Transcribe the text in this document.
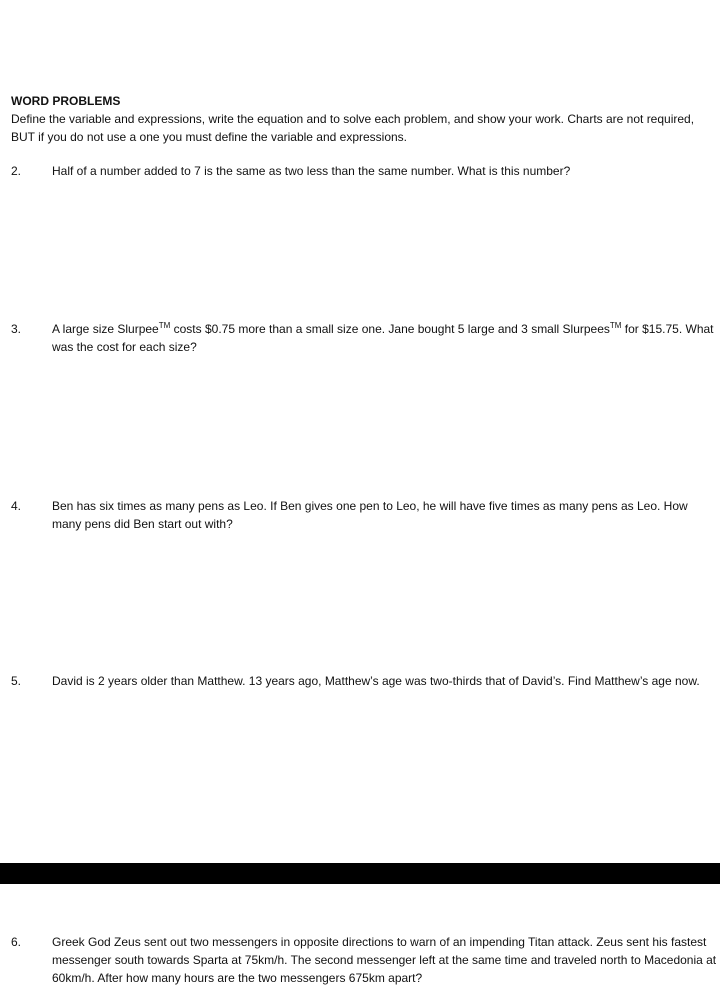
WORD PROBLEMS
Define the variable and expressions, write the equation and to solve each problem, and show your work. Charts are not required, BUT if you do not use a one you must define the variable and expressions.
2.	Half of a number added to 7 is the same as two less than the same number. What is this number?
3.	A large size Slurpee™ costs $0.75 more than a small size one. Jane bought 5 large and 3 small Slurpees™ for $15.75. What was the cost for each size?
4.	Ben has six times as many pens as Leo. If Ben gives one pen to Leo, he will have five times as many pens as Leo. How many pens did Ben start out with?
5.	David is 2 years older than Matthew. 13 years ago, Matthew’s age was two-thirds that of David’s. Find Matthew’s age now.
6.	Greek God Zeus sent out two messengers in opposite directions to warn of an impending Titan attack. Zeus sent his fastest messenger south towards Sparta at 75km/h. The second messenger left at the same time and traveled north to Macedonia at 60km/h. After how many hours are the two messengers 675km apart?
